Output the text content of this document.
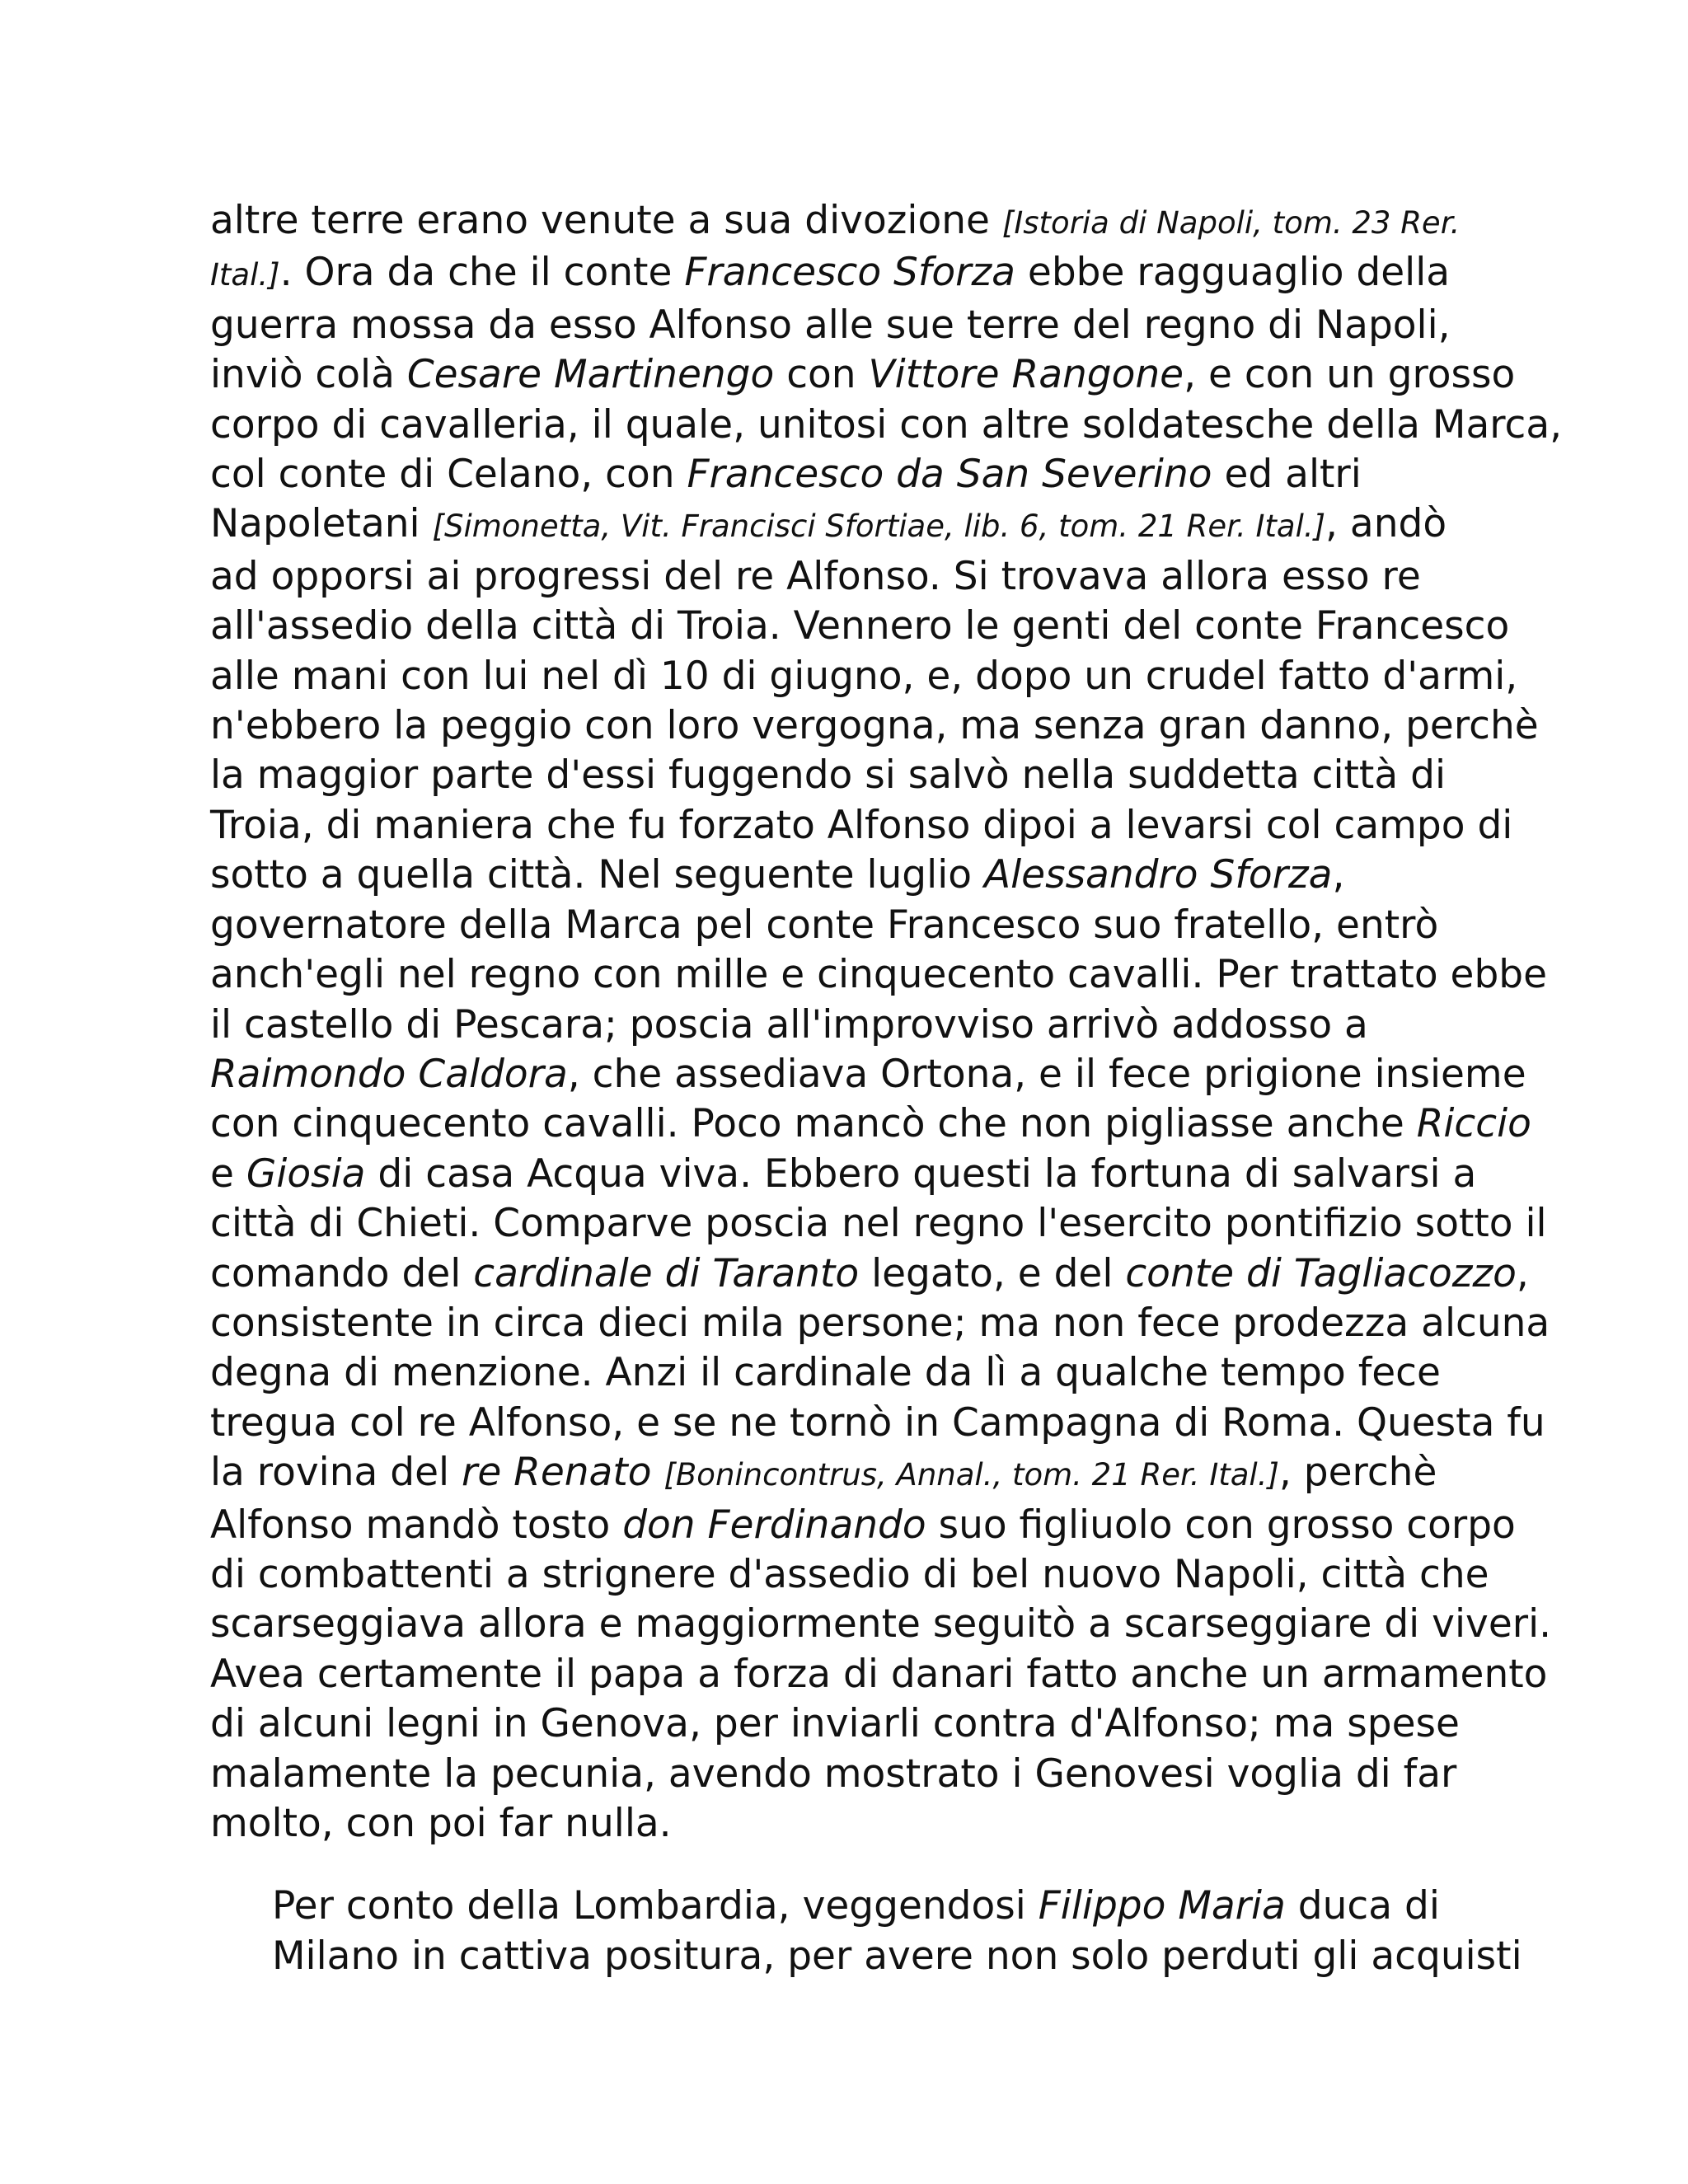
altre terre erano venute a sua divozione [Istoria di Napoli, tom. 23 Rer.
Ital.]. Ora da che il conte Francesco Sforza ebbe ragguaglio della
guerra mossa da esso Alfonso alle sue terre del regno di Napoli,
inviò colà Cesare Martinengo con Vittore Rangone, e con un grosso
corpo di cavalleria, il quale, unitosi con altre soldatesche della Marca,
col conte di Celano, con Francesco da San Severino ed altri
Napoletani [Simonetta, Vit. Francisci Sfortiae, lib. 6, tom. 21 Rer. Ital.], andò
ad opporsi ai progressi del re Alfonso. Si trovava allora esso re
all'assedio della città di Troia. Vennero le genti del conte Francesco
alle mani con lui nel dì 10 di giugno, e, dopo un crudel fatto d'armi,
n'ebbero la peggio con loro vergogna, ma senza gran danno, perchè
la maggior parte d'essi fuggendo si salvò nella suddetta città di
Troia, di maniera che fu forzato Alfonso dipoi a levarsi col campo di
sotto a quella città. Nel seguente luglio Alessandro Sforza,
governatore della Marca pel conte Francesco suo fratello, entrò
anch'egli nel regno con mille e cinquecento cavalli. Per trattato ebbe
il castello di Pescara; poscia all'improvviso arrivò addosso a
Raimondo Caldora, che assediava Ortona, e il fece prigione insieme
con cinquecento cavalli. Poco mancò che non pigliasse anche Riccio
e Giosia di casa Acqua viva. Ebbero questi la fortuna di salvarsi a
città di Chieti. Comparve poscia nel regno l'esercito pontifizio sotto il
comando del cardinale di Taranto legato, e del conte di Tagliacozzo,
consistente in circa dieci mila persone; ma non fece prodezza alcuna
degna di menzione. Anzi il cardinale da lì a qualche tempo fece
tregua col re Alfonso, e se ne tornò in Campagna di Roma. Questa fu
la rovina del re Renato [Bonincontrus, Annal., tom. 21 Rer. Ital.], perchè
Alfonso mandò tosto don Ferdinando suo figliuolo con grosso corpo
di combattenti a strignere d'assedio di bel nuovo Napoli, città che
scarseggiava allora e maggiormente seguitò a scarseggiare di viveri.
Avea certamente il papa a forza di danari fatto anche un armamento
di alcuni legni in Genova, per inviarli contra d'Alfonso; ma spese
malamente la pecunia, avendo mostrato i Genovesi voglia di far
molto, con poi far nulla.

Per conto della Lombardia, veggendosi Filippo Maria duca di
Milano in cattiva positura, per avere non solo perduti gli acquisti
